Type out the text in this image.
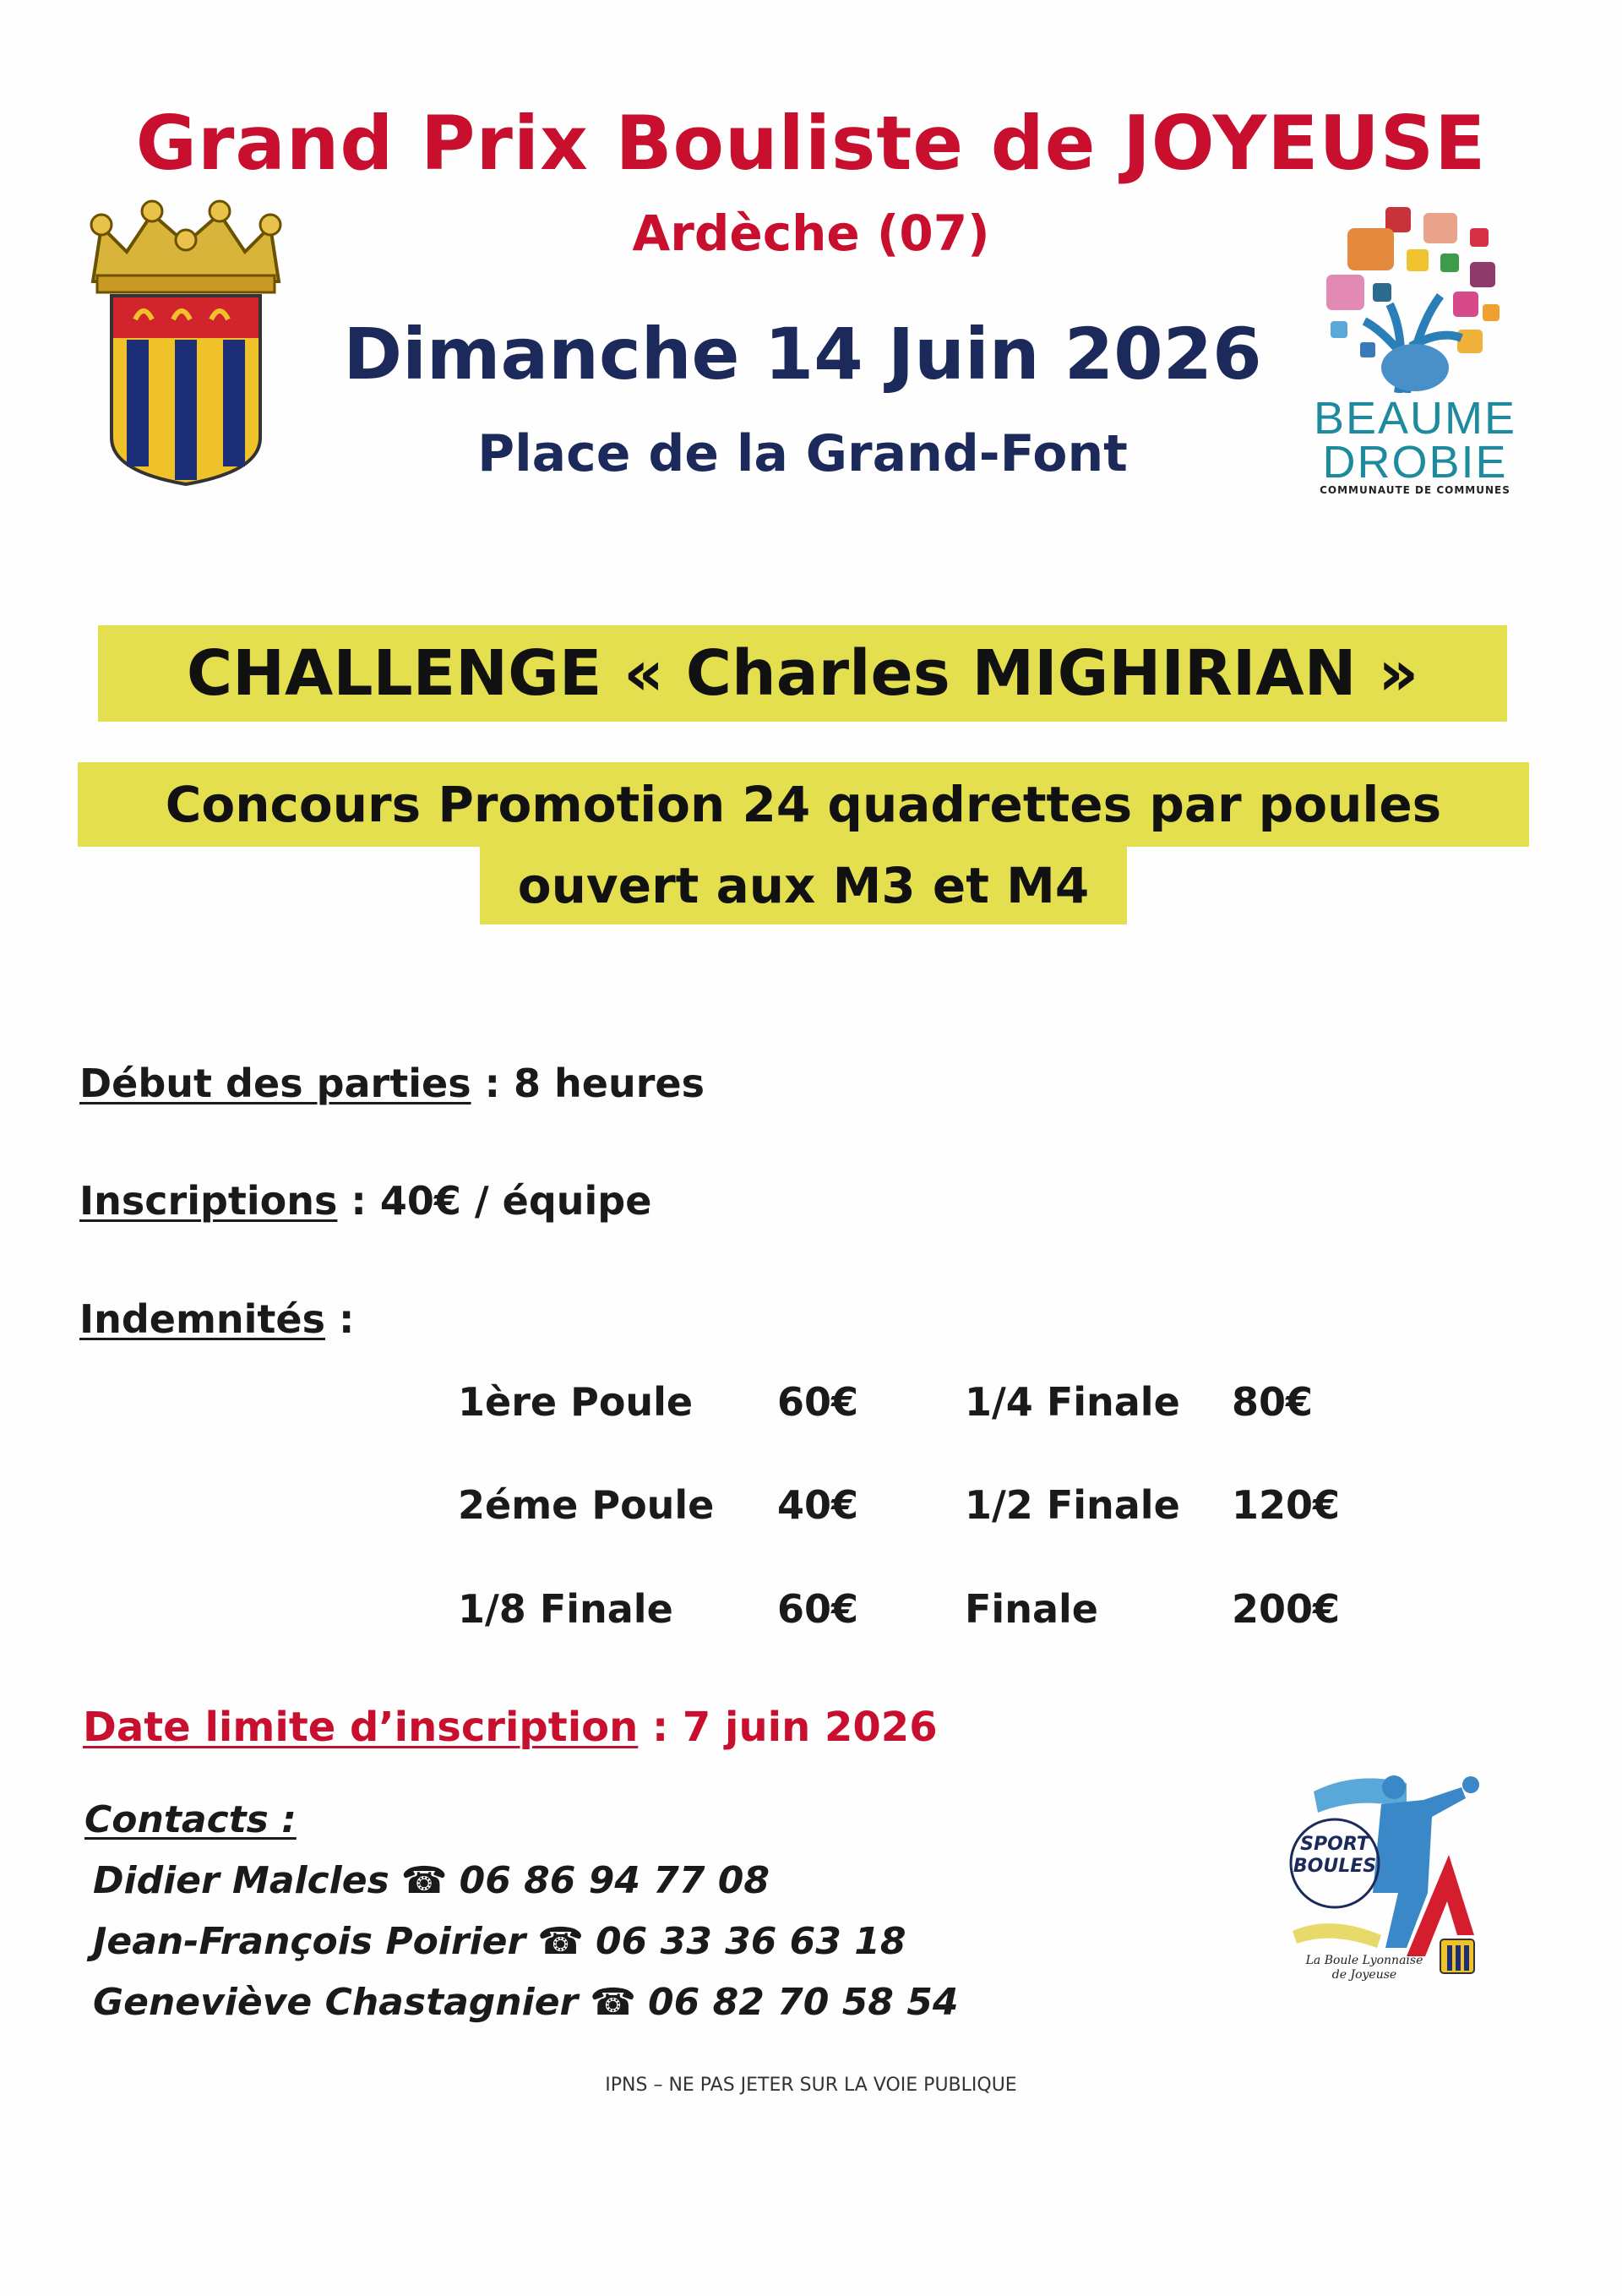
Grand Prix Bouliste de JOYEUSE
Ardèche (07)
Dimanche 14 Juin 2026
Place de la Grand-Font
BEAUME
DROBIE
COMMUNAUTE DE COMMUNES
CHALLENGE « Charles MIGHIRIAN »
Concours Promotion 24 quadrettes par poules
ouvert aux M3 et M4
Début des parties : 8 heures
Inscriptions : 40€ / équipe
Indemnités :
1ère Poule 60€	1/4 Finale 80€
2éme Poule 40€	1/2 Finale 120€
1/8 Finale	60€	Finale	200€
Date limite d’inscription : 7 juin 2026
Contacts :
Didier Malcles ☎ 06 86 94 77 08
Jean-François Poirier ☎ 06 33 36 63 18
Geneviève Chastagnier ☎ 06 82 70 58 54
SPORT
BOULES
La Boule Lyonnaise
de Joyeuse
IPNS – NE PAS JETER SUR LA VOIE PUBLIQUE
